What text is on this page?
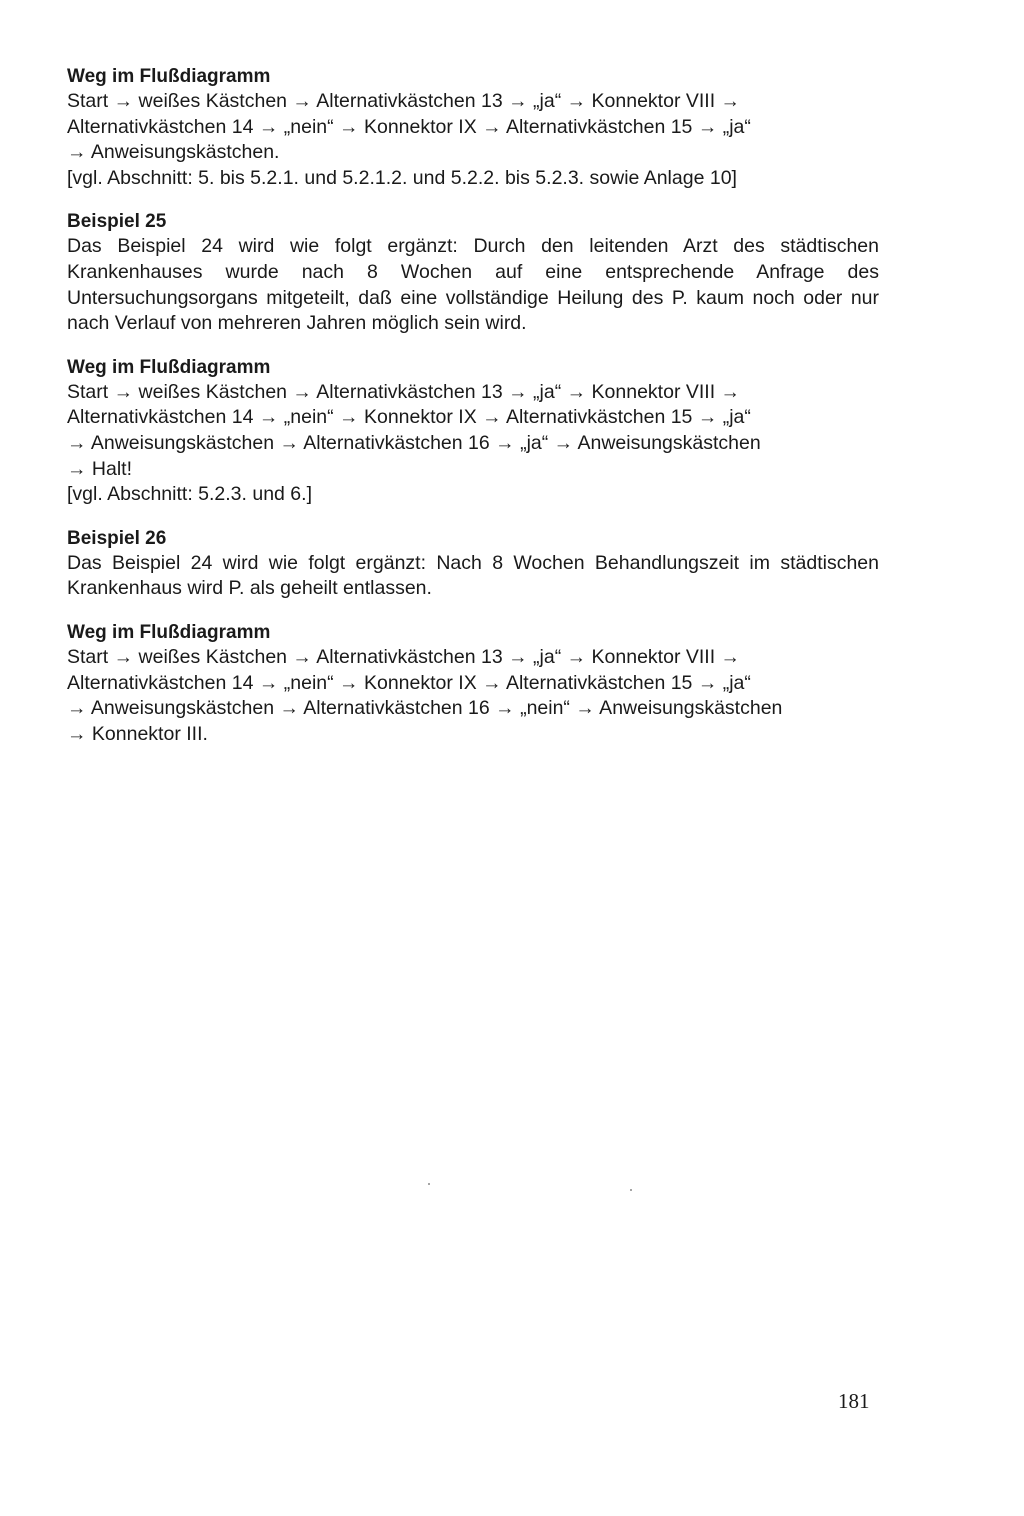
Weg im Flußdiagramm

Start → weißes Kästchen → Alternativkästchen 13 → „ja“ → Konnektor VIII →

Alternativkästchen 14 → „nein“ → Konnektor IX → Alternativkästchen 15 → „ja“

→ Anweisungskästchen.

[vgl. Abschnitt: 5. bis 5.2.1. und 5.2.1.2. und 5.2.2. bis 5.2.3. sowie Anlage 10]

Beispiel 25

Das Beispiel 24 wird wie folgt ergänzt: Durch den leitenden Arzt des städtischen Krankenhauses wurde nach 8 Wochen auf eine entsprechende Anfrage des Untersuchungsorgans mitgeteilt, daß eine vollständige Heilung des P. kaum noch oder nur nach Verlauf von mehreren Jahren möglich sein wird.

Weg im Flußdiagramm

Start → weißes Kästchen → Alternativkästchen 13 → „ja“ → Konnektor VIII →

Alternativkästchen 14 → „nein“ → Konnektor IX → Alternativkästchen 15 → „ja“

→ Anweisungskästchen → Alternativkästchen 16 → „ja“ → Anweisungskästchen

→ Halt!

[vgl. Abschnitt: 5.2.3. und 6.]

Beispiel 26

Das Beispiel 24 wird wie folgt ergänzt: Nach 8 Wochen Behandlungszeit im städtischen Krankenhaus wird P. als geheilt entlassen.

Weg im Flußdiagramm

Start → weißes Kästchen → Alternativkästchen 13 → „ja“ → Konnektor VIII →

Alternativkästchen 14 → „nein“ → Konnektor IX → Alternativkästchen 15 → „ja“

→ Anweisungskästchen → Alternativkästchen 16 → „nein“ → Anweisungskästchen

→ Konnektor III.

181
